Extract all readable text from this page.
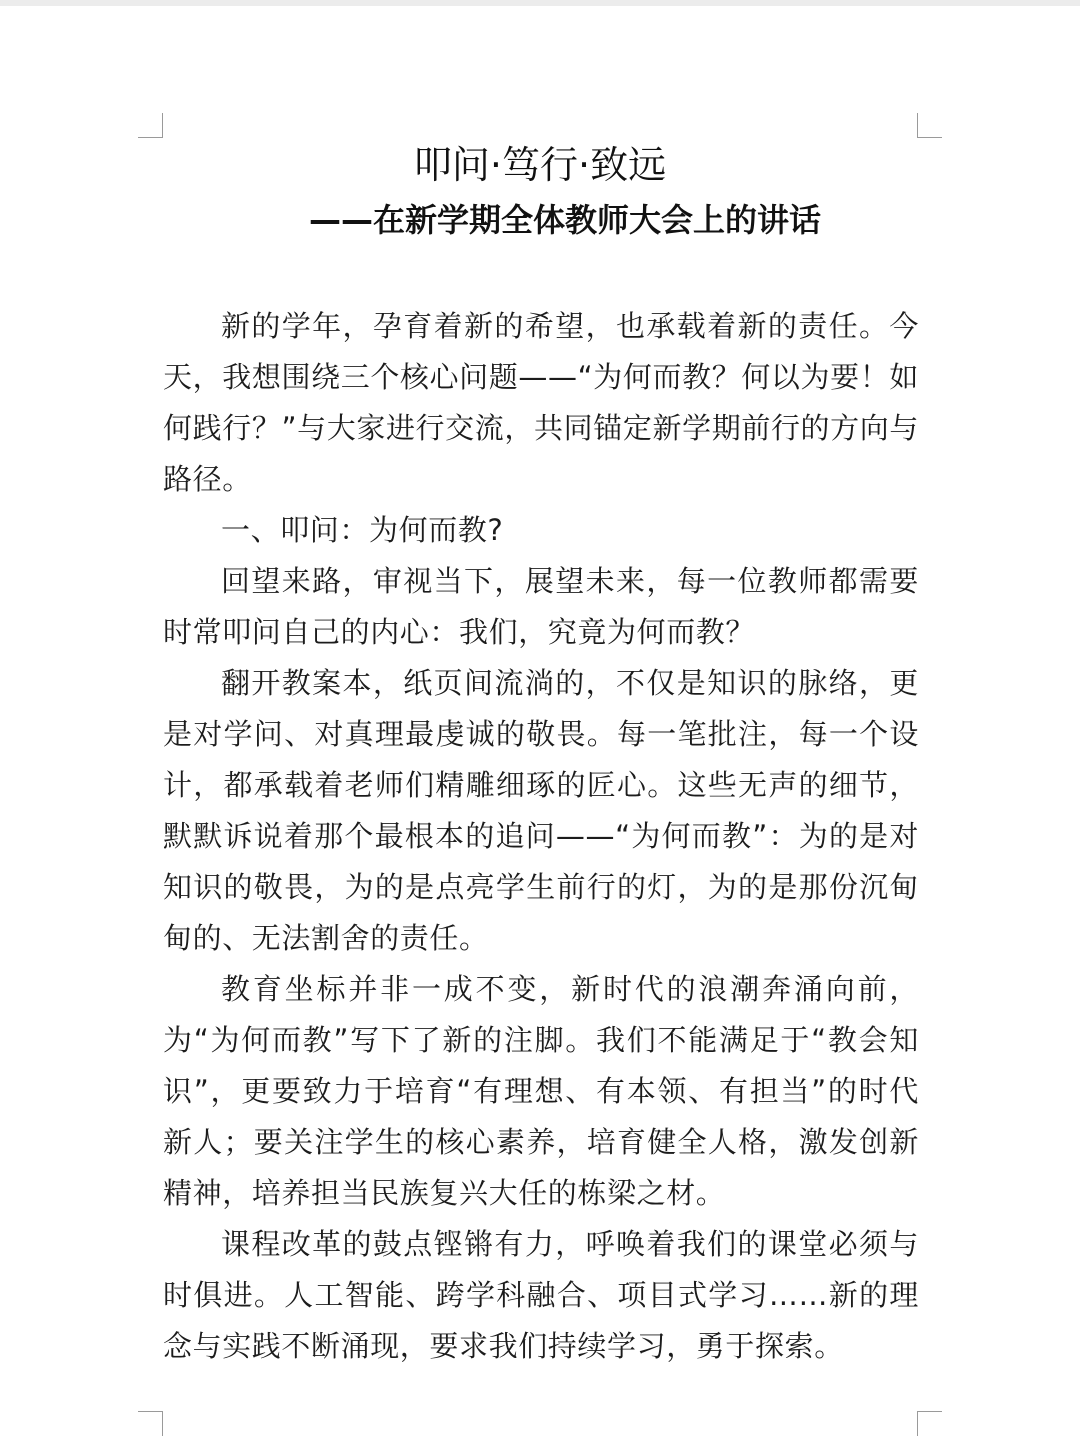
叩问·笃行·致远
——在新学期全体教师大会上的讲话

新的学年，孕育着新的希望，也承载着新的责任。今天，我想围绕三个核心问题——“为何而教？何以为要！如何践行？”与大家进行交流，共同锚定新学期前行的方向与路径。

一、叩问：为何而教?

回望来路，审视当下，展望未来，每一位教师都需要时常叩问自己的内心：我们，究竟为何而教？

翻开教案本，纸页间流淌的，不仅是知识的脉络，更是对学问、对真理最虔诚的敬畏。每一笔批注，每一个设计，都承载着老师们精雕细琢的匠心。这些无声的细节，默默诉说着那个最根本的追问——“为何而教”：为的是对知识的敬畏，为的是点亮学生前行的灯，为的是那份沉甸甸的、无法割舍的责任。

教育坐标并非一成不变，新时代的浪潮奔涌向前，为“为何而教”写下了新的注脚。我们不能满足于“教会知识”，更要致力于培育“有理想、有本领、有担当”的时代新人；要关注学生的核心素养，培育健全人格，激发创新精神，培养担当民族复兴大任的栋梁之材。

课程改革的鼓点铿锵有力，呼唤着我们的课堂必须与时俱进。人工智能、跨学科融合、项目式学习……新的理念与实践不断涌现，要求我们持续学习，勇于探索。
